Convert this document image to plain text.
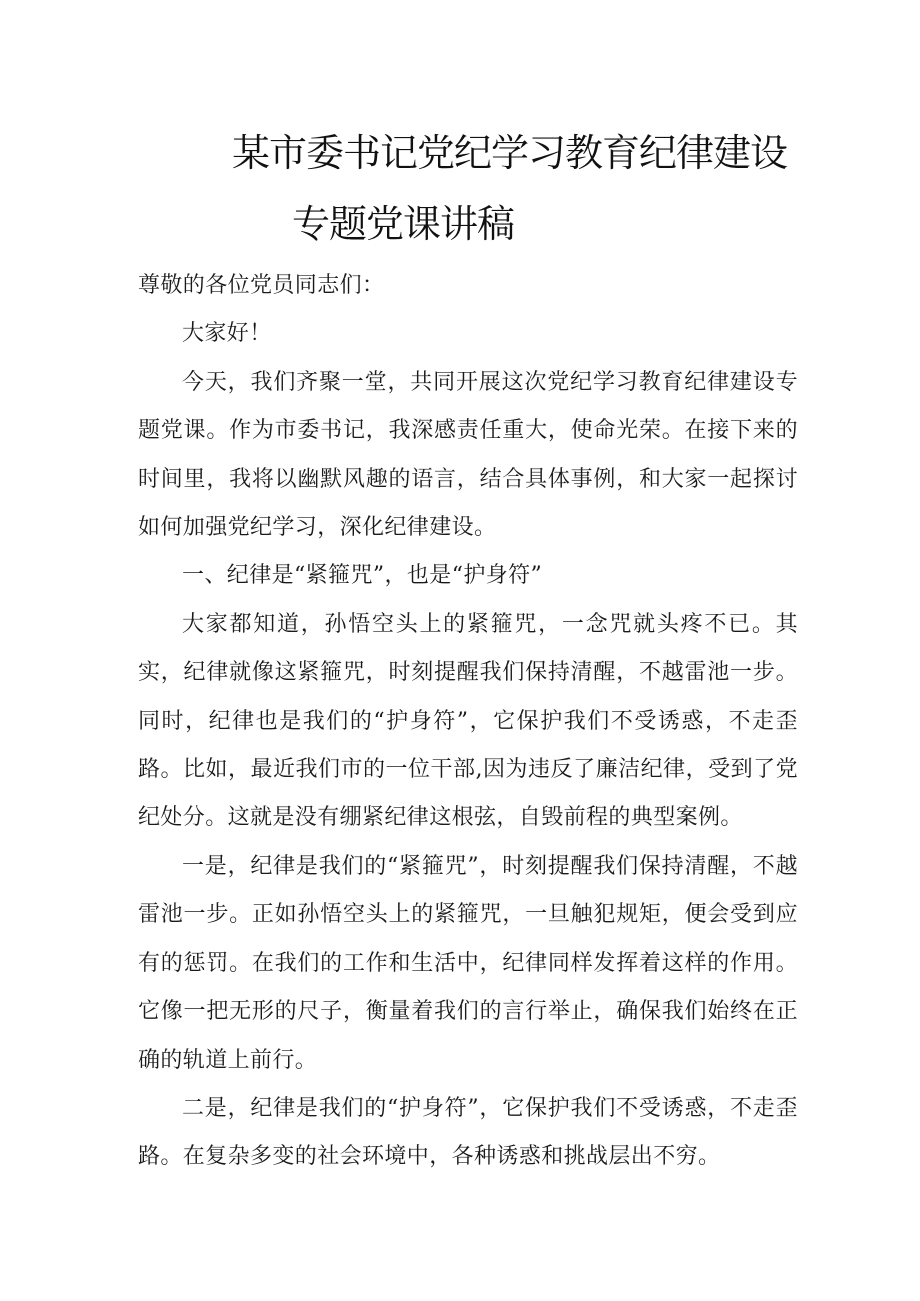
某市委书记党纪学习教育纪律建设
专题党课讲稿

尊敬的各位党员同志们：

大家好！

今天，我们齐聚一堂，共同开展这次党纪学习教育纪律建设专题党课。作为市委书记，我深感责任重大，使命光荣。在接下来的时间里，我将以幽默风趣的语言，结合具体事例，和大家一起探讨如何加强党纪学习，深化纪律建设。

一、纪律是“紧箍咒”，也是“护身符”

大家都知道，孙悟空头上的紧箍咒，一念咒就头疼不已。其实，纪律就像这紧箍咒，时刻提醒我们保持清醒，不越雷池一步。同时，纪律也是我们的“护身符”，它保护我们不受诱惑，不走歪路。比如，最近我们市的一位干部,因为违反了廉洁纪律，受到了党纪处分。这就是没有绷紧纪律这根弦，自毁前程的典型案例。

一是，纪律是我们的“紧箍咒”，时刻提醒我们保持清醒，不越雷池一步。正如孙悟空头上的紧箍咒，一旦触犯规矩，便会受到应有的惩罚。在我们的工作和生活中，纪律同样发挥着这样的作用。它像一把无形的尺子，衡量着我们的言行举止，确保我们始终在正确的轨道上前行。

二是，纪律是我们的“护身符”，它保护我们不受诱惑，不走歪路。在复杂多变的社会环境中，各种诱惑和挑战层出不穷。
